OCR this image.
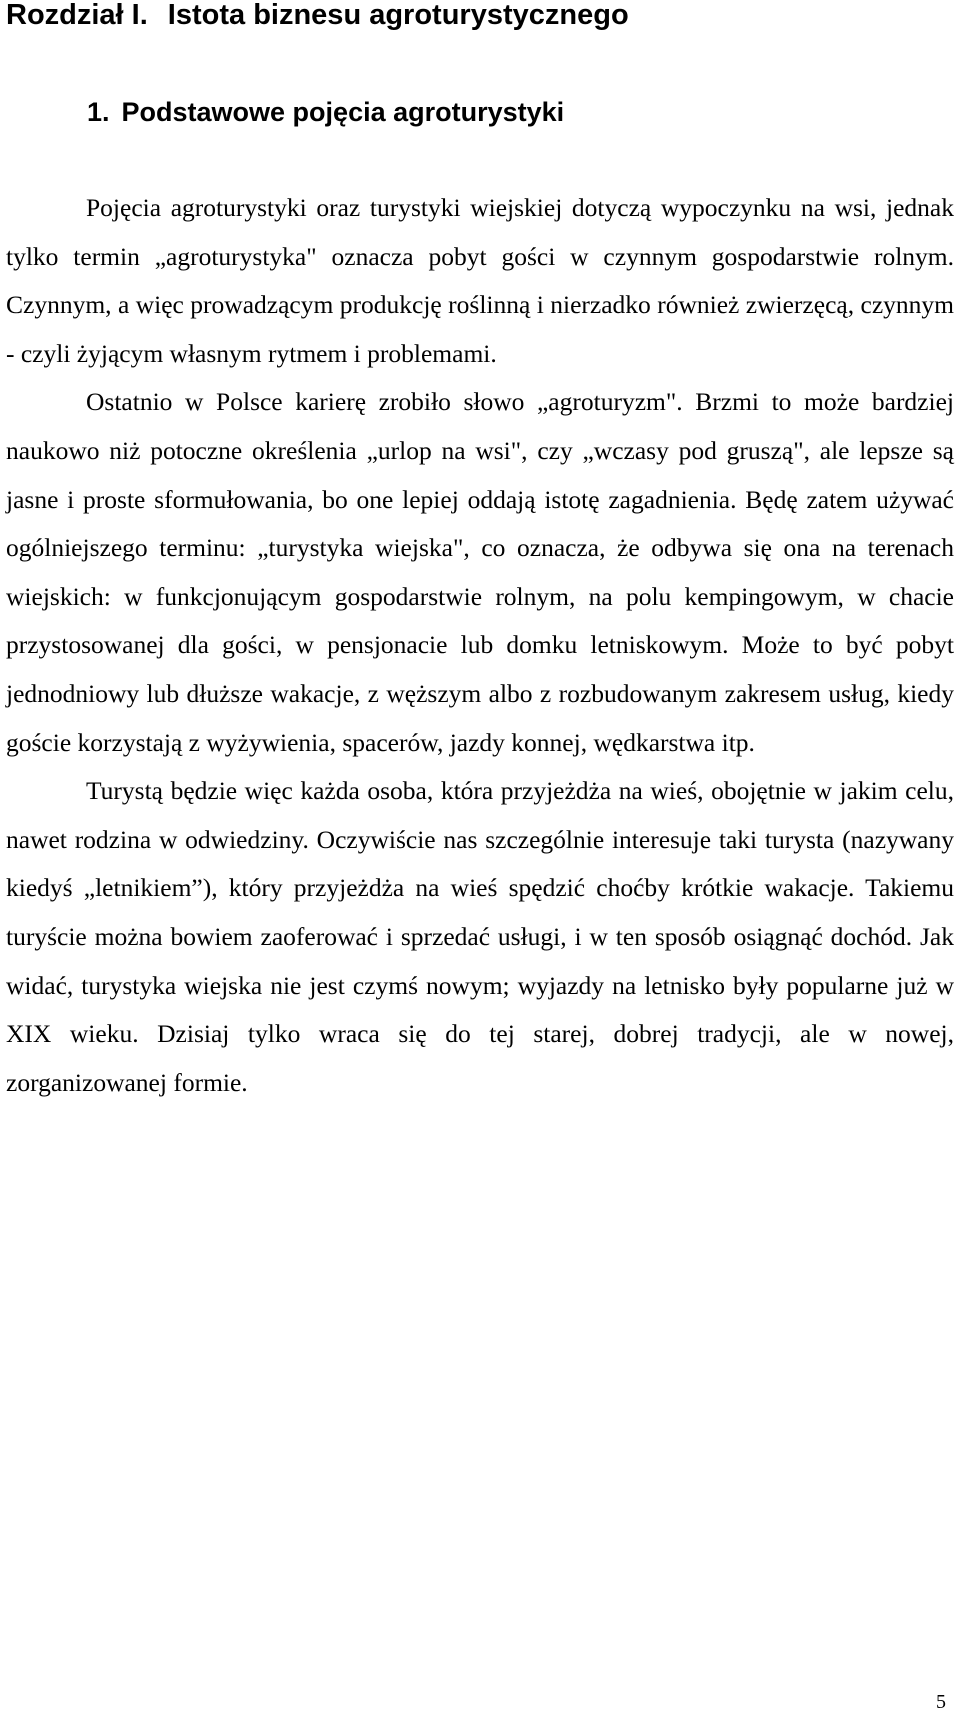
Rozdział I. Istota biznesu agroturystycznego
1. Podstawowe pojęcia agroturystyki

Pojęcia agroturystyki oraz turystyki wiejskiej dotyczą wypoczynku na wsi, jednak tylko termin „agroturystyka" oznacza pobyt gości w czynnym gospodarstwie rolnym. Czynnym, a więc prowadzącym produkcję roślinną i nierzadko również zwierzęcą, czynnym - czyli żyjącym własnym rytmem i problemami.

Ostatnio w Polsce karierę zrobiło słowo „agroturyzm". Brzmi to może bardziej naukowo niż potoczne określenia „urlop na wsi", czy „wczasy pod gruszą", ale lepsze są jasne i proste sformułowania, bo one lepiej oddają istotę zagadnienia. Będę zatem używać ogólniejszego terminu: „turystyka wiejska", co oznacza, że odbywa się ona na terenach wiejskich: w funkcjonującym gospodarstwie rolnym, na polu kempingowym, w chacie przystosowanej dla gości, w pensjonacie lub domku letniskowym. Może to być pobyt jednodniowy lub dłuższe wakacje, z węższym albo z rozbudowanym zakresem usług, kiedy goście korzystają z wyżywienia, spacerów, jazdy konnej, wędkarstwa itp.

Turystą będzie więc każda osoba, która przyjeżdża na wieś, obojętnie w jakim celu, nawet rodzina w odwiedziny. Oczywiście nas szczególnie interesuje taki turysta (nazywany kiedyś „letnikiem”), który przyjeżdża na wieś spędzić choćby krótkie wakacje. Takiemu turyście można bowiem zaoferować i sprzedać usługi, i w ten sposób osiągnąć dochód. Jak widać, turystyka wiejska nie jest czymś nowym; wyjazdy na letnisko były popularne już w XIX wieku. Dzisiaj tylko wraca się do tej starej, dobrej tradycji, ale w nowej, zorganizowanej formie.

5
